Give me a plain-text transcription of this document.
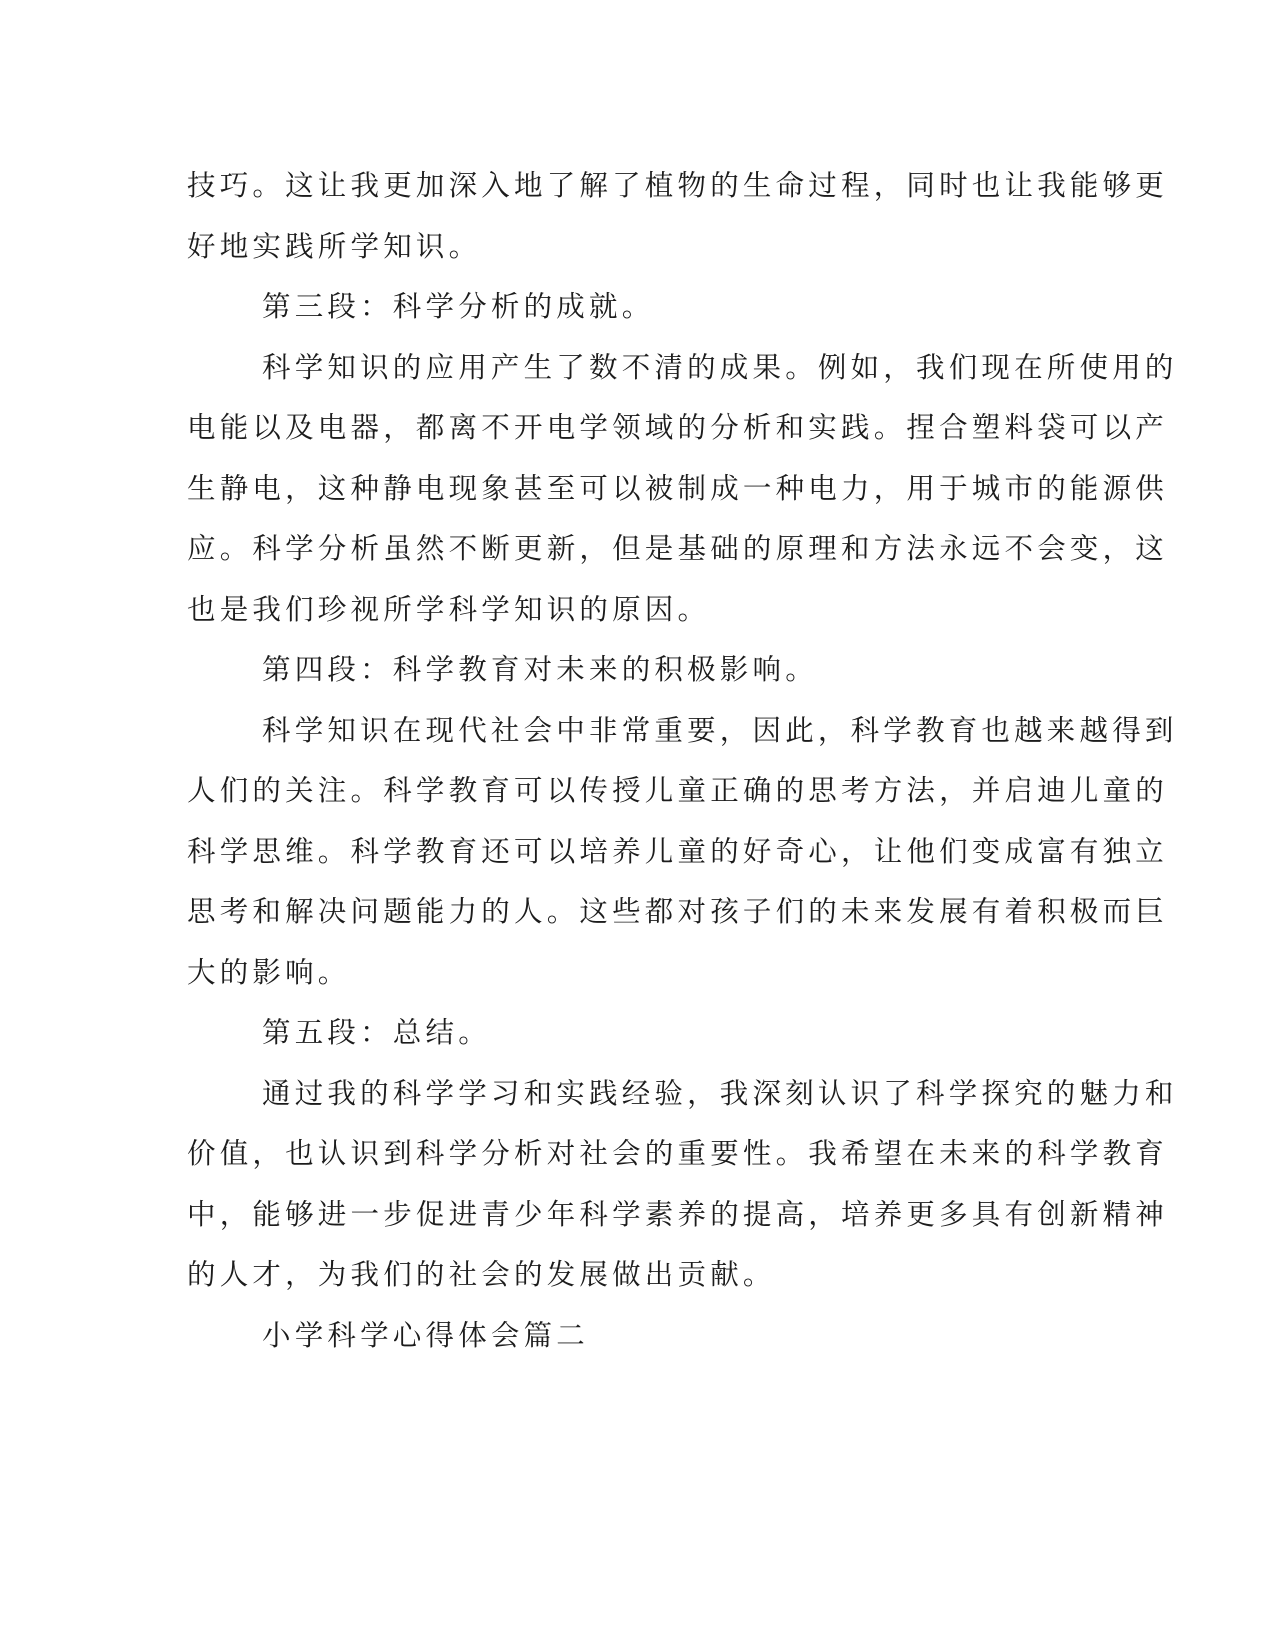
技巧。这让我更加深入地了解了植物的生命过程，同时也让我能够更
好地实践所学知识。
第三段：科学分析的成就。
科学知识的应用产生了数不清的成果。例如，我们现在所使用的
电能以及电器，都离不开电学领域的分析和实践。捏合塑料袋可以产
生静电，这种静电现象甚至可以被制成一种电力，用于城市的能源供
应。科学分析虽然不断更新，但是基础的原理和方法永远不会变，这
也是我们珍视所学科学知识的原因。
第四段：科学教育对未来的积极影响。
科学知识在现代社会中非常重要，因此，科学教育也越来越得到
人们的关注。科学教育可以传授儿童正确的思考方法，并启迪儿童的
科学思维。科学教育还可以培养儿童的好奇心，让他们变成富有独立
思考和解决问题能力的人。这些都对孩子们的未来发展有着积极而巨
大的影响。
第五段：总结。
通过我的科学学习和实践经验，我深刻认识了科学探究的魅力和
价值，也认识到科学分析对社会的重要性。我希望在未来的科学教育
中，能够进一步促进青少年科学素养的提高，培养更多具有创新精神
的人才，为我们的社会的发展做出贡献。
小学科学心得体会篇二
